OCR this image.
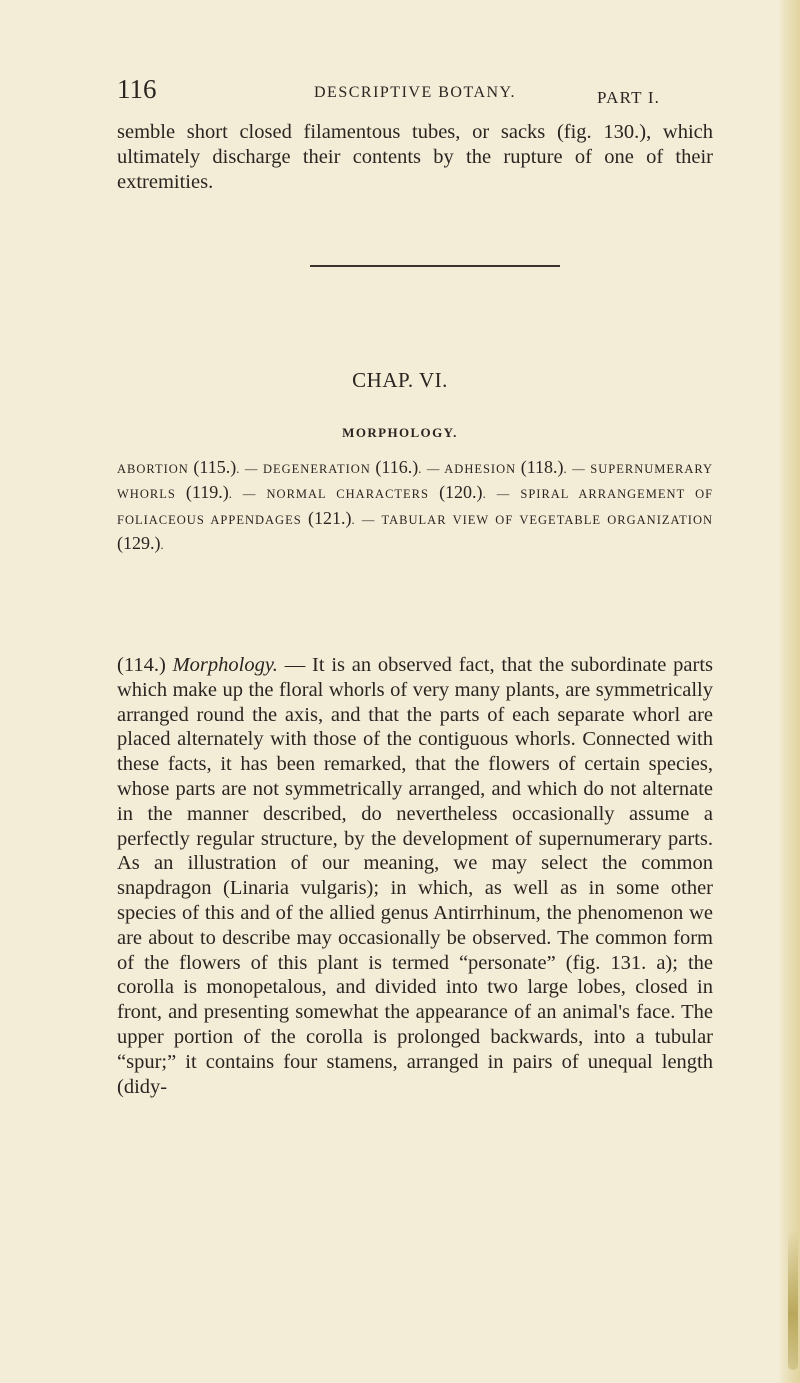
116	DESCRIPTIVE BOTANY.	PART I.
semble short closed filamentous tubes, or sacks (fig. 130.), which ultimately discharge their contents by the rupture of one of their extremities.
CHAP. VI.
MORPHOLOGY.
ABORTION (115.). — DEGENERATION (116.). — ADHESION (118.). — SUPERNUMERARY WHORLS (119.). — NORMAL CHARACTERS (120.). — SPIRAL ARRANGEMENT OF FOLIACEOUS APPENDAGES (121.). — TABULAR VIEW OF VEGETABLE ORGANIZATION (129.).
(114.) Morphology. — It is an observed fact, that the subordinate parts which make up the floral whorls of very many plants, are symmetrically arranged round the axis, and that the parts of each separate whorl are placed alternately with those of the contiguous whorls. Connected with these facts, it has been remarked, that the flowers of certain species, whose parts are not symmetrically arranged, and which do not alternate in the manner described, do nevertheless occasionally assume a perfectly regular structure, by the development of supernumerary parts. As an illustration of our meaning, we may select the common snapdragon (Linaria vulgaris); in which, as well as in some other species of this and of the allied genus Antirrhinum, the phenomenon we are about to describe may occasionally be observed. The common form of the flowers of this plant is termed “personate” (fig. 131. a); the corolla is monopetalous, and divided into two large lobes, closed in front, and presenting somewhat the appearance of an animal's face. The upper portion of the corolla is prolonged backwards, into a tubular “spur;” it contains four stamens, arranged in pairs of unequal length (didy-
